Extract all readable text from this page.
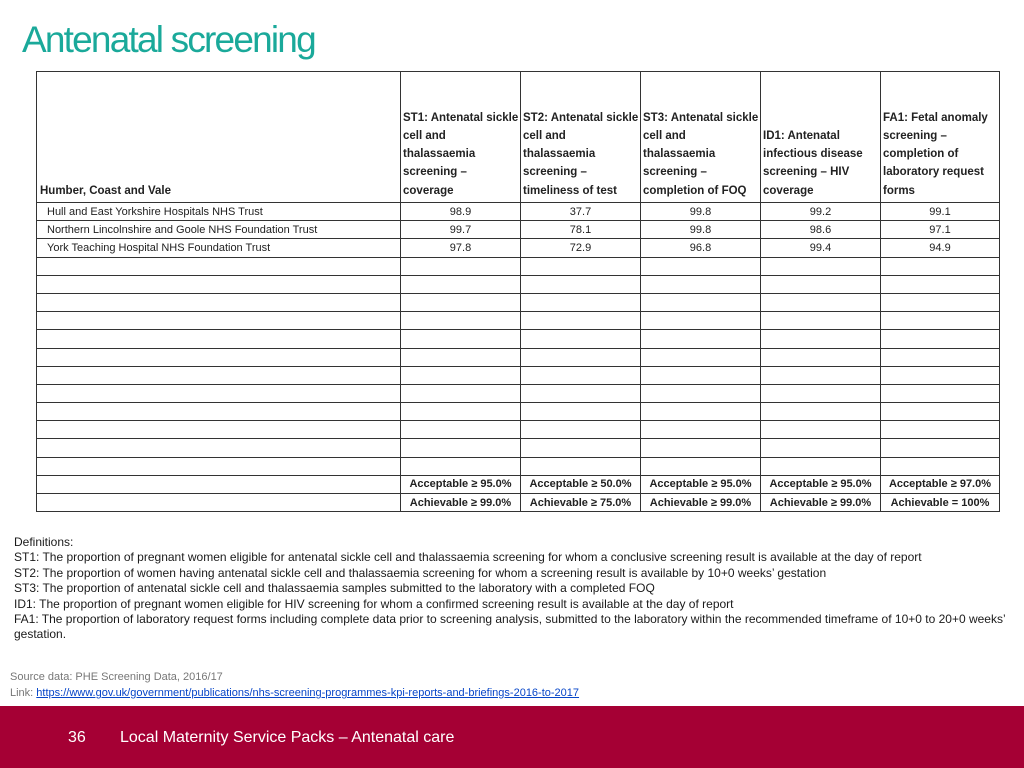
Antenatal screening
Humber, Coast and Vale	ST1: Antenatal sickle cell and thalassaemia screening – coverage	ST2: Antenatal sickle cell and thalassaemia screening – timeliness of test	ST3: Antenatal sickle cell and thalassaemia screening – completion of FOQ	ID1: Antenatal infectious disease screening – HIV coverage	FA1: Fetal anomaly screening – completion of laboratory request forms
Hull and East Yorkshire Hospitals NHS Trust	98.9	37.7	99.8	99.2	99.1
Northern Lincolnshire and Goole NHS Foundation Trust	99.7	78.1	99.8	98.6	97.1
York Teaching Hospital NHS Foundation Trust	97.8	72.9	96.8	99.4	94.9

	Acceptable ≥ 95.0%	Acceptable ≥ 50.0%	Acceptable ≥ 95.0%	Acceptable ≥ 95.0%	Acceptable ≥ 97.0%
	Achievable ≥ 99.0%	Achievable ≥ 75.0%	Achievable ≥ 99.0%	Achievable ≥ 99.0%	Achievable = 100%
Definitions:
ST1: The proportion of pregnant women eligible for antenatal sickle cell and thalassaemia screening for whom a conclusive screening result is available at the day of report
ST2: The proportion of women having antenatal sickle cell and thalassaemia screening for whom a screening result is available by 10+0 weeks’ gestation
ST3: The proportion of antenatal sickle cell and thalassaemia samples submitted to the laboratory with a completed FOQ
ID1: The proportion of pregnant women eligible for HIV screening for whom a confirmed screening result is available at the day of report
FA1: The proportion of laboratory request forms including complete data prior to screening analysis, submitted to the laboratory within the recommended timeframe of 10+0 to 20+0 weeks’ gestation.
Source data: PHE Screening Data, 2016/17
Link: https://www.gov.uk/government/publications/nhs-screening-programmes-kpi-reports-and-briefings-2016-to-2017
36 Local Maternity Service Packs – Antenatal care
